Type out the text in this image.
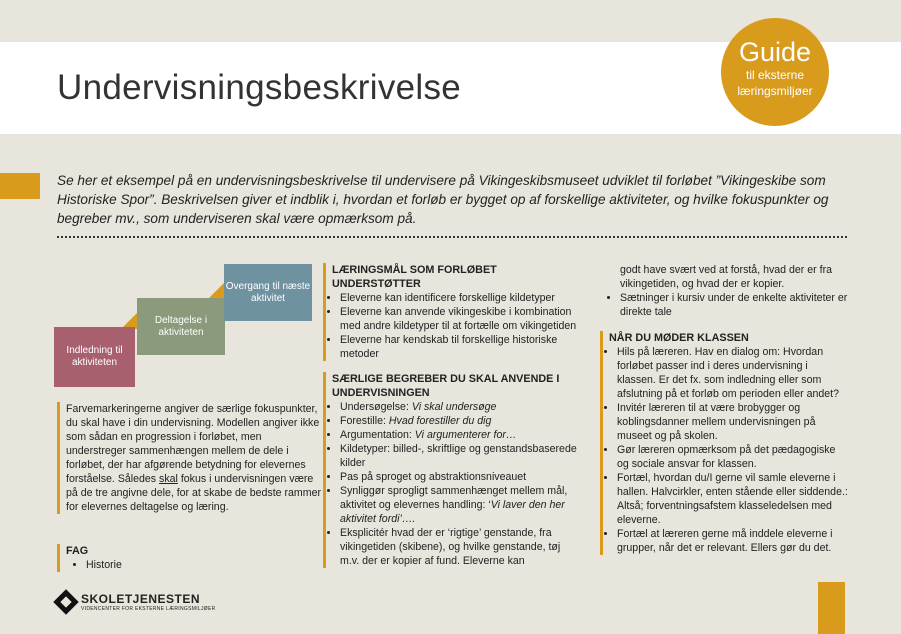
Undervisningsbeskrivelse
Guide
til eksterne
læringsmiljøer
Se her et eksempel på en undervisningsbeskrivelse til undervisere på Vikingeskibsmuseet udviklet til forløbet ”Vikingeskibe som Historiske Spor”. Beskrivelsen giver et indblik i, hvordan et forløb er bygget op af forskellige aktiviteter, og hvilke fokuspunkter og begreber mv., som underviseren skal være opmærksom på.
Indledning til aktiviteten
Deltagelse i aktiviteten
Overgang til næste aktivitet
Farvemarkeringerne angiver de særlige fokuspunkter, du skal have i din undervisning. Modellen angiver ikke som sådan en progression i forløbet, men understreger sammenhængen mellem de dele i forløbet, der har afgørende betydning for elevernes forståelse. Således skal fokus i undervisningen være på de tre angivne dele, for at skabe de bedste rammer for elevernes deltagelse og læring.
FAG
• Historie
LÆRINGSMÅL SOM FORLØBET UNDERSTØTTER
• Eleverne kan identificere forskellige kildetyper
• Eleverne kan anvende vikingeskibe i kombination med andre kildetyper til at fortælle om vikingetiden
• Eleverne har kendskab til forskellige historiske metoder
SÆRLIGE BEGREBER DU SKAL ANVENDE I UNDERVISNINGEN
• Undersøgelse: Vi skal undersøge
• Forestille: Hvad forestiller du dig
• Argumentation: Vi argumenterer for…
• Kildetyper: billed-, skriftlige og genstandsbaserede kilder
• Pas på sproget og abstraktionsniveauet
• Synliggør sprogligt sammenhænget mellem mål, aktivitet og elevernes handling: ‘Vi laver den her aktivitet fordi’….
• Eksplicitér hvad der er ‘rigtige’ genstande, fra vikingetiden (skibene), og hvilke genstande, tøj m.v. der er kopier af fund. Eleverne kan
godt have svært ved at forstå, hvad der er fra vikingetiden, og hvad der er kopier.
• Sætninger i kursiv under de enkelte aktiviteter er direkte tale
NÅR DU MØDER KLASSEN
• Hils på læreren. Hav en dialog om: Hvordan forløbet passer ind i deres undervisning i klassen. Er det fx. som indledning eller som afslutning på et forløb om perioden eller andet?
• Invitér læreren til at være brobygger og koblingsdanner mellem undervisningen på museet og på skolen.
• Gør læreren opmærksom på det pædagogiske og sociale ansvar for klassen.
• Fortæl, hvordan du/I gerne vil samle eleverne i hallen. Halvcirkler, enten stående eller siddende.: Altså; forventningsafstem klasseledelsen med eleverne.
• Fortæl at læreren gerne må inddele eleverne i grupper, når det er relevant. Ellers gør du det.
SKOLETJENESTEN
VIDENCENTER FOR EKSTERNE LÆRINGSMILJØER
